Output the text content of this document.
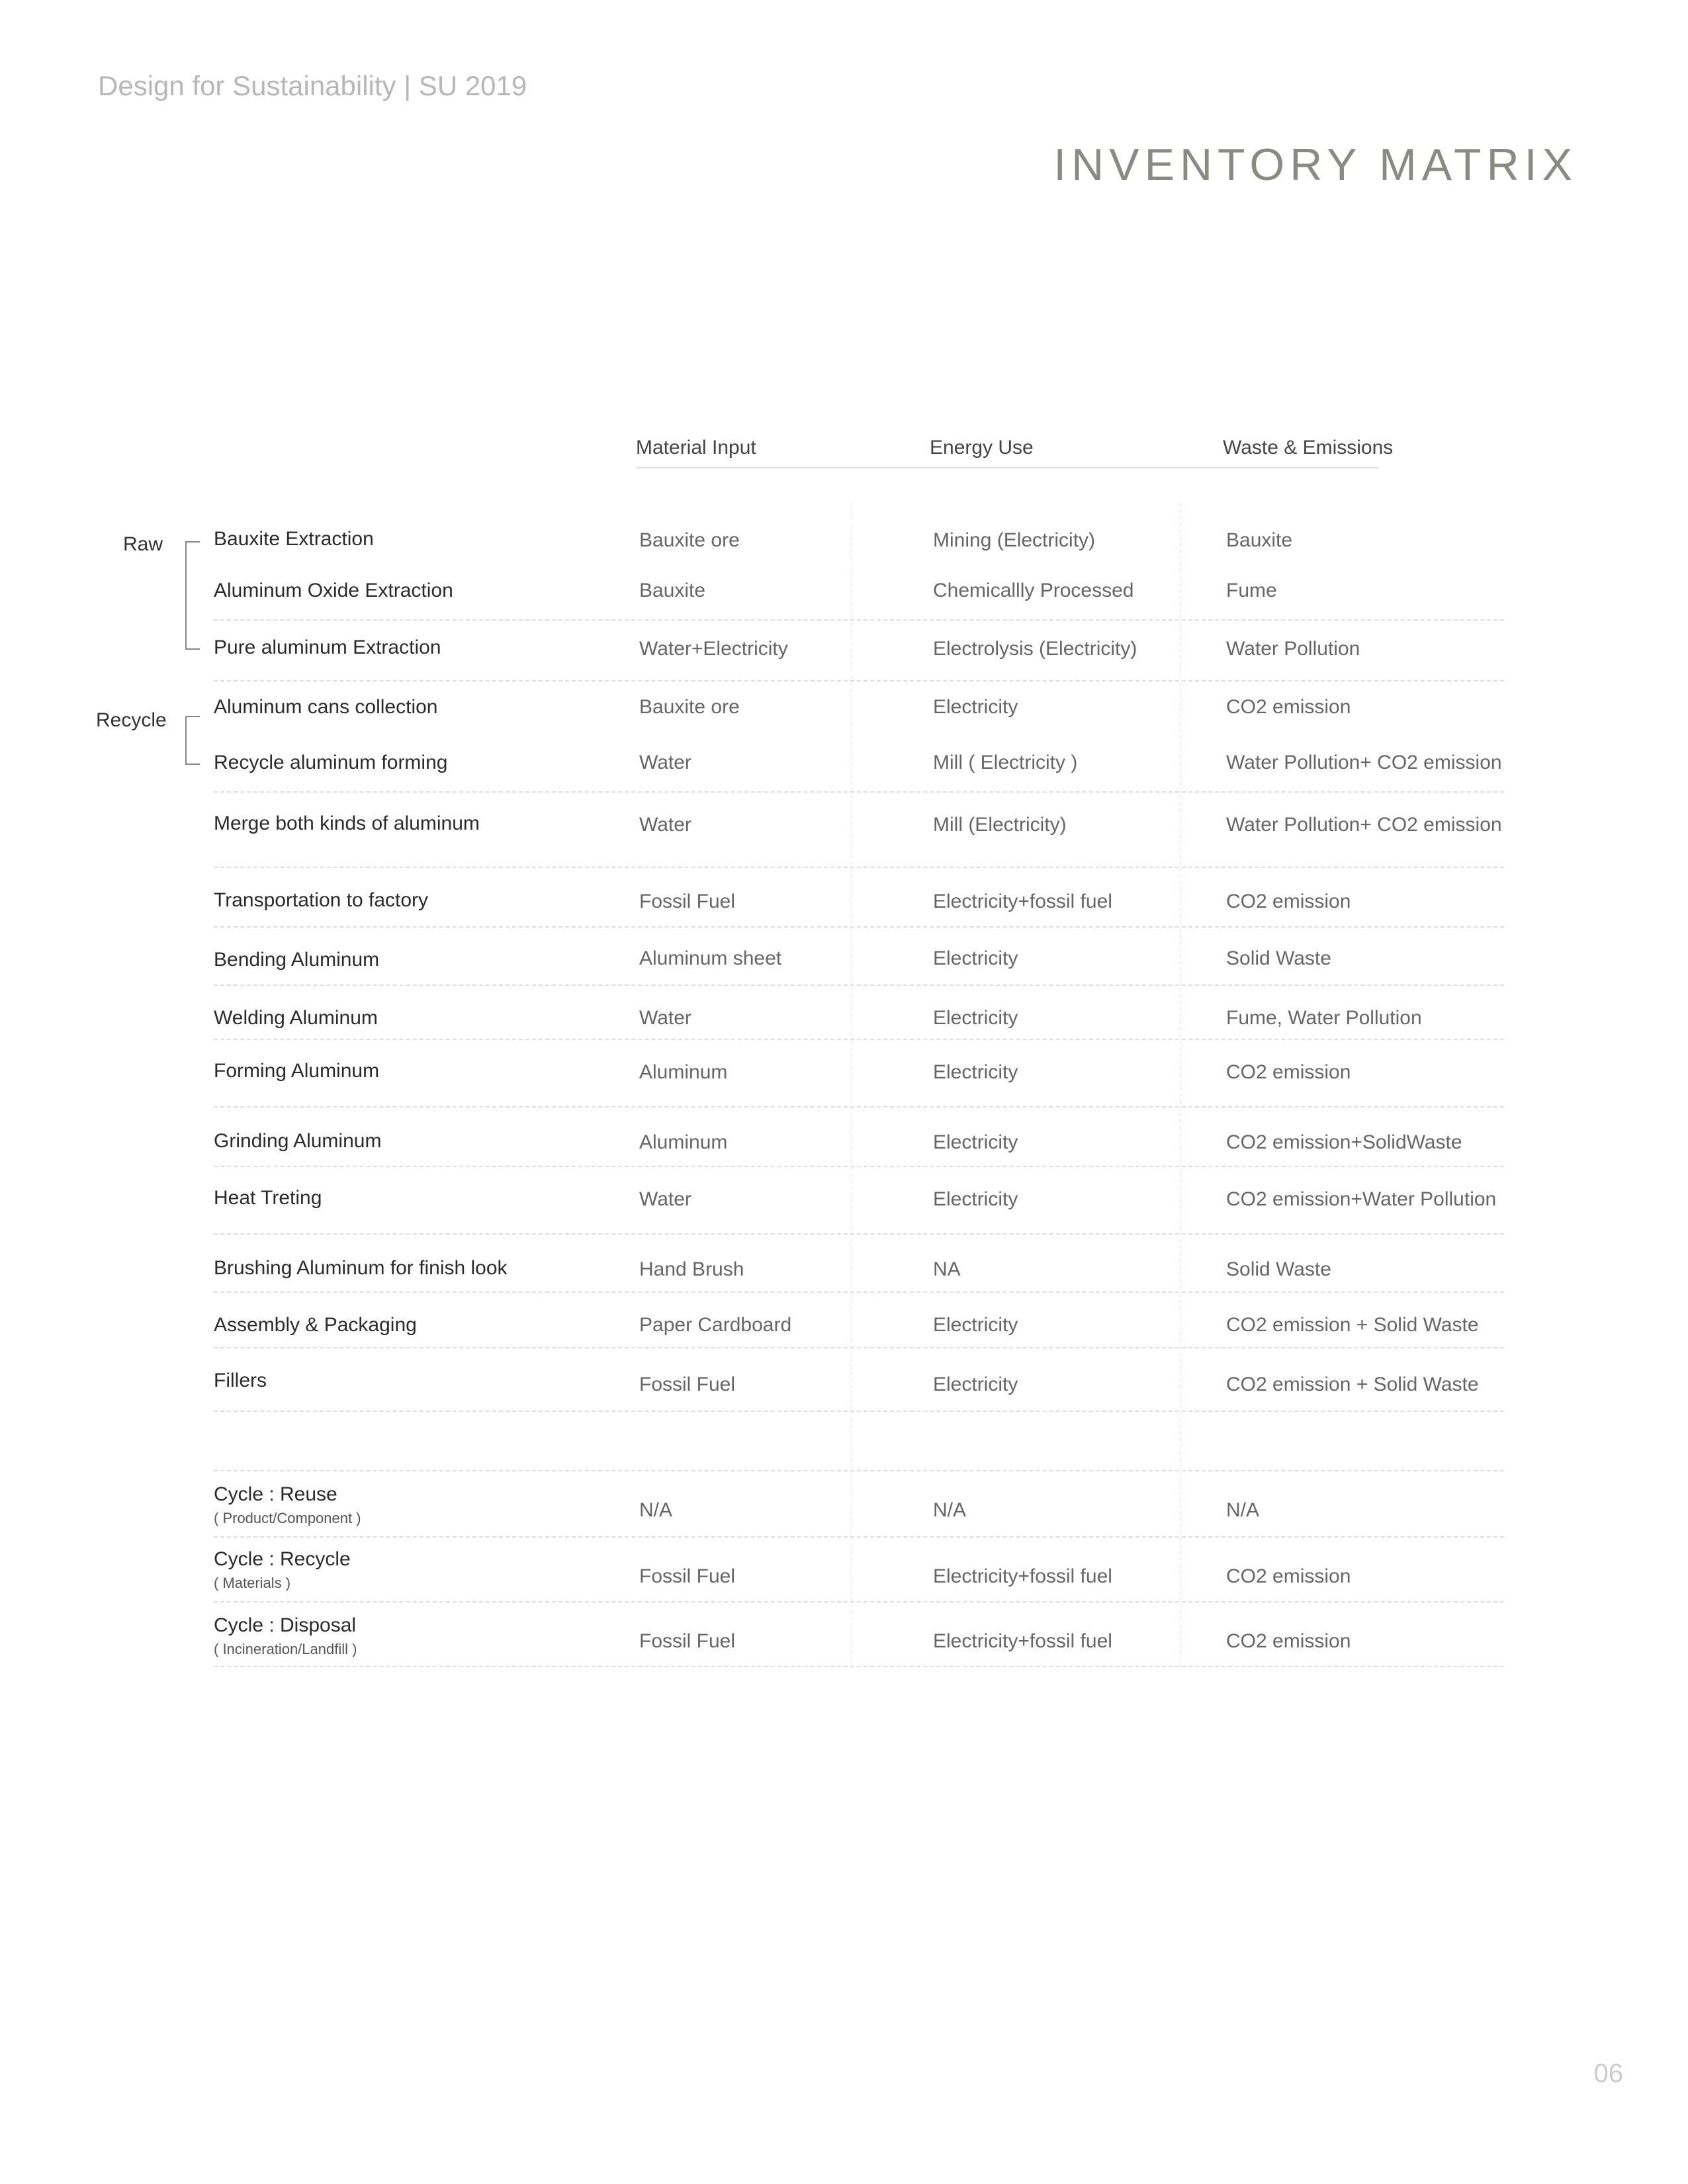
Design for Sustainability | SU 2019
INVENTORY MATRIX
Material Input	Energy Use	Waste & Emissions
Raw
Recycle
Bauxite Extraction	Bauxite ore	Mining (Electricity)	Bauxite
Aluminum Oxide Extraction	Bauxite	Chemicallly Processed	Fume
Pure aluminum Extraction	Water+Electricity	Electrolysis (Electricity)	Water Pollution
Aluminum cans collection	Bauxite ore	Electricity	CO2 emission
Recycle aluminum forming	Water	Mill ( Electricity )	Water Pollution+ CO2 emission
Merge both kinds of aluminum	Water	Mill (Electricity)	Water Pollution+ CO2 emission
Transportation to factory	Fossil Fuel	Electricity+fossil fuel	CO2 emission
Bending Aluminum	Aluminum sheet	Electricity	Solid Waste
Welding Aluminum	Water	Electricity	Fume, Water Pollution
Forming Aluminum	Aluminum	Electricity	CO2 emission
Grinding Aluminum	Aluminum	Electricity	CO2 emission+SolidWaste
Heat Treting	Water	Electricity	CO2 emission+Water Pollution
Brushing Aluminum for finish look	Hand Brush	NA	Solid Waste
Assembly & Packaging	Paper Cardboard	Electricity	CO2 emission + Solid Waste
Fillers	Fossil Fuel	Electricity	CO2 emission + Solid Waste
Cycle : Reuse
( Product/Component )	N/A	N/A	N/A
Cycle : Recycle
( Materials )	Fossil Fuel	Electricity+fossil fuel	CO2 emission
Cycle : Disposal
( Incineration/Landfill )	Fossil Fuel	Electricity+fossil fuel	CO2 emission
06
